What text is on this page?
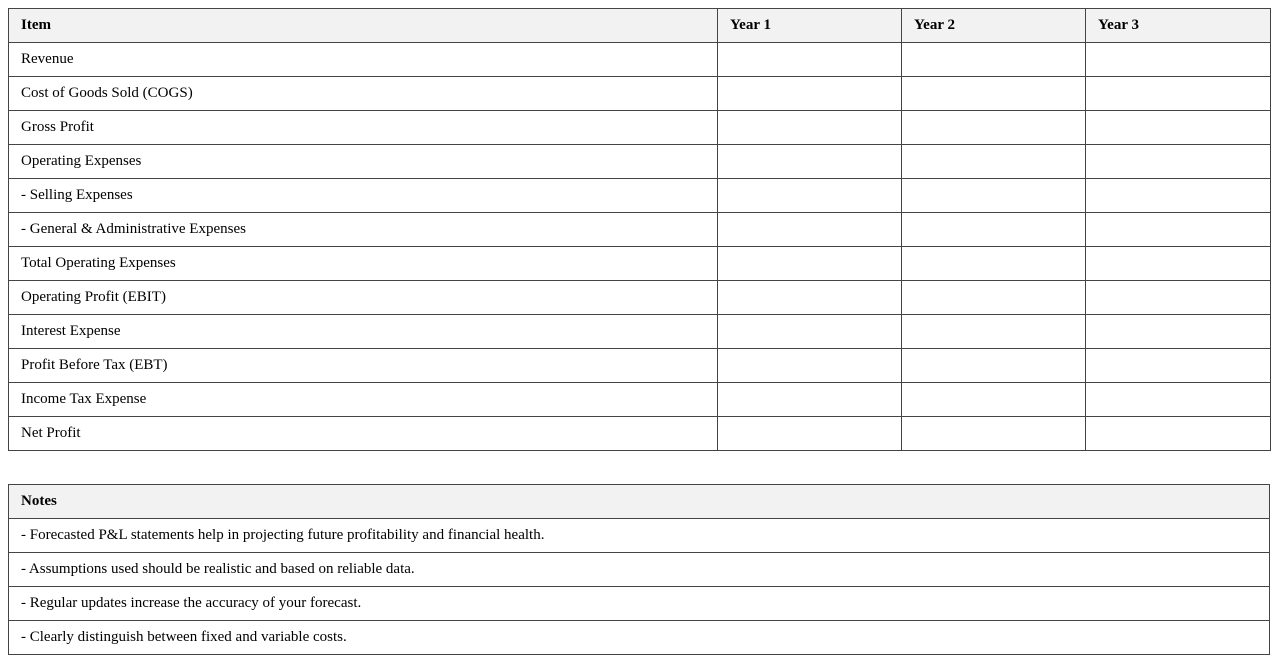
Item	Year 1	Year 2	Year 3
Revenue			
Cost of Goods Sold (COGS)			
Gross Profit			
Operating Expenses			
- Selling Expenses			
- General & Administrative Expenses			
Total Operating Expenses			
Operating Profit (EBIT)			
Interest Expense			
Profit Before Tax (EBT)			
Income Tax Expense			
Net Profit			
Notes
- Forecasted P&L statements help in projecting future profitability and financial health.
- Assumptions used should be realistic and based on reliable data.
- Regular updates increase the accuracy of your forecast.
- Clearly distinguish between fixed and variable costs.
